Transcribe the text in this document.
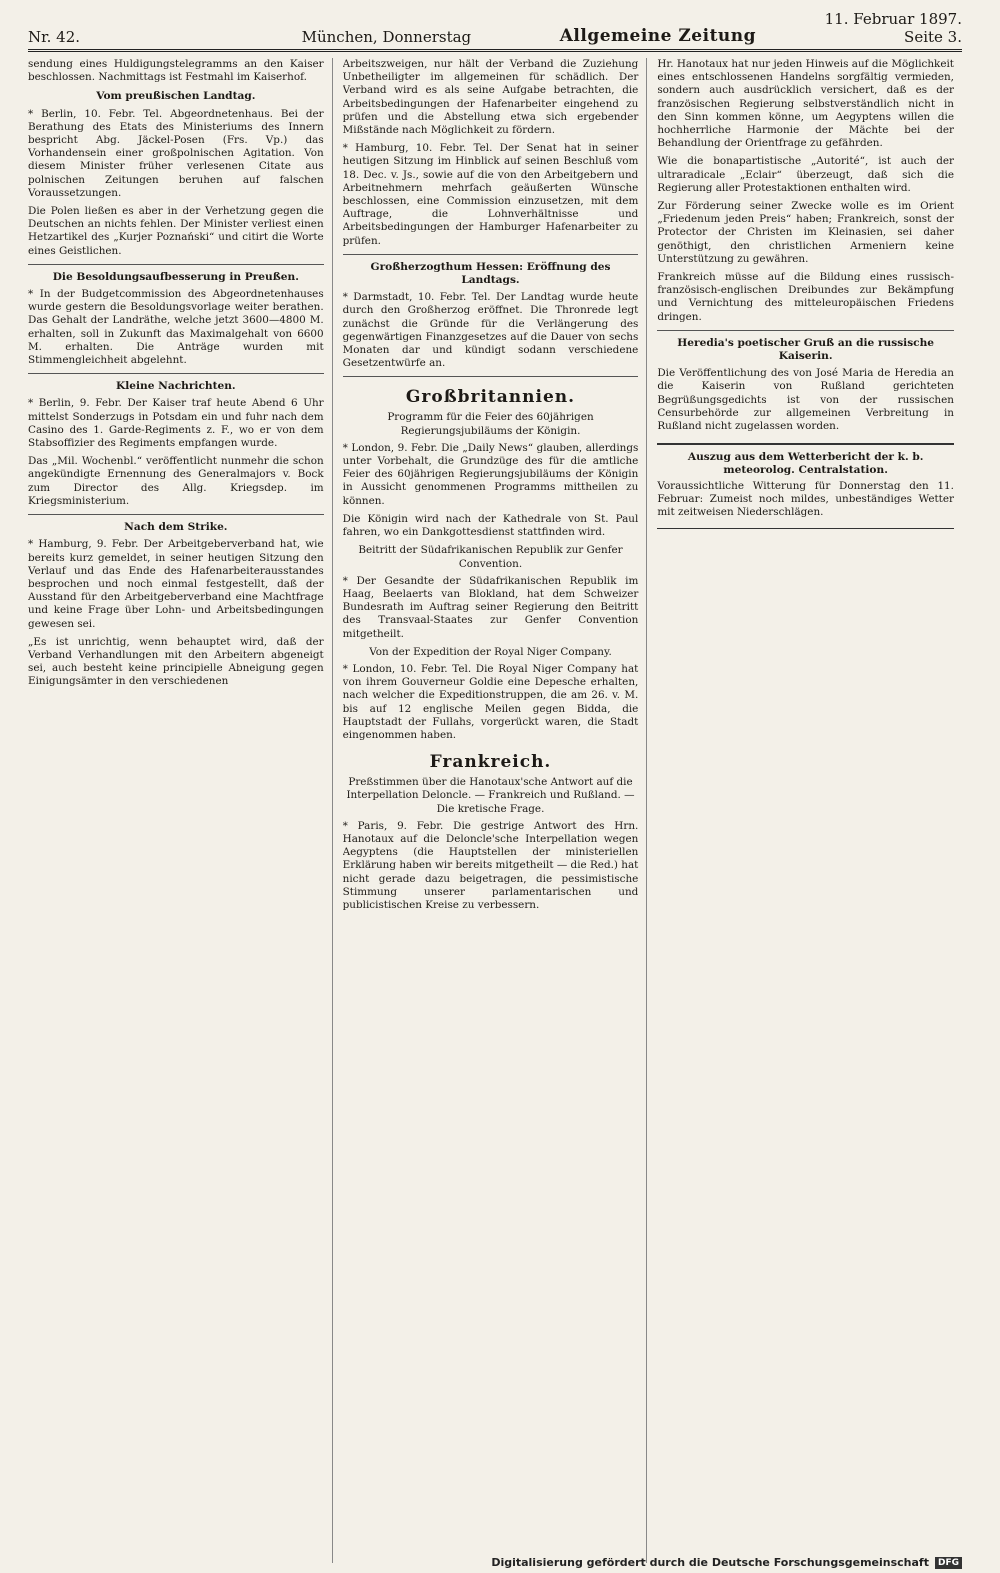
Nr. 42.	München, Donnerstag	Allgemeine Zeitung
11. Februar 1897.    Seite 3.

sendung eines Huldigungstelegramms an den Kaiser beschlossen. Nachmittags ist Festmahl im Kaiserhof.

Vom preußischen Landtag.

* Berlin, 10. Febr. Tel. Abgeordnetenhaus. Bei der Berathung des Etats des Ministeriums des Innern bespricht Abg. Jäckel-Posen (Frs. Vp.) das Vorhandensein einer großpolnischen Agitation. Von diesem Minister früher verlesenen Citate aus polnischen Zeitungen beruhen auf falschen Voraussetzungen.

Die Polen ließen es aber in der Verhetzung gegen die Deutschen an nichts fehlen. Der Minister verliest einen Hetzartikel des „Kurjer Poznański“ und citirt die Worte eines Geistlichen.

Die Besoldungsaufbesserung in Preußen.

* In der Budgetcommission des Abgeordnetenhauses wurde gestern die Besoldungsvorlage weiter berathen. Das Gehalt der Landräthe, welche jetzt 3600—4800 M. erhalten, soll in Zukunft das Maximalgehalt von 6600 M. erhalten. Die Anträge wurden mit Stimmengleichheit abgelehnt.

Kleine Nachrichten.

* Berlin, 9. Febr. Der Kaiser traf heute Abend 6 Uhr mittelst Sonderzugs in Potsdam ein und fuhr nach dem Casino des 1. Garde-Regiments z. F., wo er von dem Stabsoffizier des Regiments empfangen wurde.

Das „Mil. Wochenbl.“ veröffentlicht nunmehr die schon angekündigte Ernennung des Generalmajors v. Bock zum Director des Allg. Kriegsdep. im Kriegsministerium.

Nach dem Strike.

* Hamburg, 9. Febr. Der Arbeitgeberverband hat, wie bereits kurz gemeldet, in seiner heutigen Sitzung den Verlauf und das Ende des Hafenarbeiterausstandes besprochen und noch einmal festgestellt, daß der Ausstand für den Arbeitgeberverband eine Machtfrage und keine Frage über Lohn- und Arbeitsbedingungen gewesen sei.

„Es ist unrichtig, wenn behauptet wird, daß der Verband Verhandlungen mit den Arbeitern abgeneigt sei, auch besteht keine principielle Abneigung gegen Einigungsämter in den verschiedenen

Arbeitszweigen, nur hält der Verband die Zuziehung Unbetheiligter im allgemeinen für schädlich. Der Verband wird es als seine Aufgabe betrachten, die Arbeitsbedingungen der Hafenarbeiter eingehend zu prüfen und die Abstellung etwa sich ergebender Mißstände nach Möglichkeit zu fördern.

* Hamburg, 10. Febr. Tel. Der Senat hat in seiner heutigen Sitzung im Hinblick auf seinen Beschluß vom 18. Dec. v. Js., sowie auf die von den Arbeitgebern und Arbeitnehmern mehrfach geäußerten Wünsche beschlossen, eine Commission einzusetzen, mit dem Auftrage, die Lohnverhältnisse und Arbeitsbedingungen der Hamburger Hafenarbeiter zu prüfen.

Großherzogthum Hessen: Eröffnung des Landtags.

* Darmstadt, 10. Febr. Tel. Der Landtag wurde heute durch den Großherzog eröffnet. Die Thronrede legt zunächst die Gründe für die Verlängerung des gegenwärtigen Finanzgesetzes auf die Dauer von sechs Monaten dar und kündigt sodann verschiedene Gesetzentwürfe an.

Großbritannien.

Programm für die Feier des 60jährigen Regierungsjubiläums der Königin.

* London, 9. Febr. Die „Daily News“ glauben, allerdings unter Vorbehalt, die Grundzüge des für die amtliche Feier des 60jährigen Regierungsjubiläums der Königin in Aussicht genommenen Programms mittheilen zu können.

Die Königin wird nach der Kathedrale von St. Paul fahren, wo ein Dankgottesdienst stattfinden wird.

Beitritt der Südafrikanischen Republik zur Genfer Convention.

* Der Gesandte der Südafrikanischen Republik im Haag, Beelaerts van Blokland, hat dem Schweizer Bundesrath im Auftrag seiner Regierung den Beitritt des Transvaal-Staates zur Genfer Convention mitgetheilt.

Von der Expedition der Royal Niger Company.

* London, 10. Febr. Tel. Die Royal Niger Company hat von ihrem Gouverneur Goldie eine Depesche erhalten, nach welcher die Expeditionstruppen, die am 26. v. M. bis auf 12 englische Meilen gegen Bidda, die Hauptstadt der Fullahs, vorgerückt waren, die Stadt eingenommen haben.

Frankreich.

Preßstimmen über die Hanotaux'sche Antwort auf die Interpellation Deloncle. — Frankreich und Rußland. — Die kretische Frage.

* Paris, 9. Febr. Die gestrige Antwort des Hrn. Hanotaux auf die Deloncle'sche Interpellation wegen Aegyptens (die Hauptstellen der ministeriellen Erklärung haben wir bereits mitgetheilt — die Red.) hat nicht gerade dazu beigetragen, die pessimistische Stimmung unserer parlamentarischen und publicistischen Kreise zu verbessern.

Hr. Hanotaux hat nur jeden Hinweis auf die Möglichkeit eines entschlossenen Handelns sorgfältig vermieden, sondern auch ausdrücklich versichert, daß es der französischen Regierung selbstverständlich nicht in den Sinn kommen könne, um Aegyptens willen die hochherrliche Harmonie der Mächte bei der Behandlung der Orientfrage zu gefährden.

Wie die bonapartistische „Autorité“, ist auch der ultraradicale „Eclair“ überzeugt, daß sich die Regierung aller Protestaktionen enthalten wird.

Zur Förderung seiner Zwecke wolle es im Orient „Friedenum jeden Preis“ haben; Frankreich, sonst der Protector der Christen im Kleinasien, sei daher genöthigt, den christlichen Armeniern keine Unterstützung zu gewähren.

Frankreich müsse auf die Bildung eines russisch-französisch-englischen Dreibundes zur Bekämpfung und Vernichtung des mitteleuropäischen Friedens dringen.

Heredia's poetischer Gruß an die russische Kaiserin.

Die Veröffentlichung des von José Maria de Heredia an die Kaiserin von Rußland gerichteten Begrüßungsgedichts ist von der russischen Censurbehörde zur allgemeinen Verbreitung in Rußland nicht zugelassen worden.

Auszug aus dem Wetterbericht der k. b. meteorolog. Centralstation.

Voraussichtliche Witterung für Donnerstag den 11. Februar: Zumeist noch mildes, unbeständiges Wetter mit zeitweisen Niederschlägen.

Digitalisierung gefördert durch die Deutsche Forschungsgemeinschaft	DFG
